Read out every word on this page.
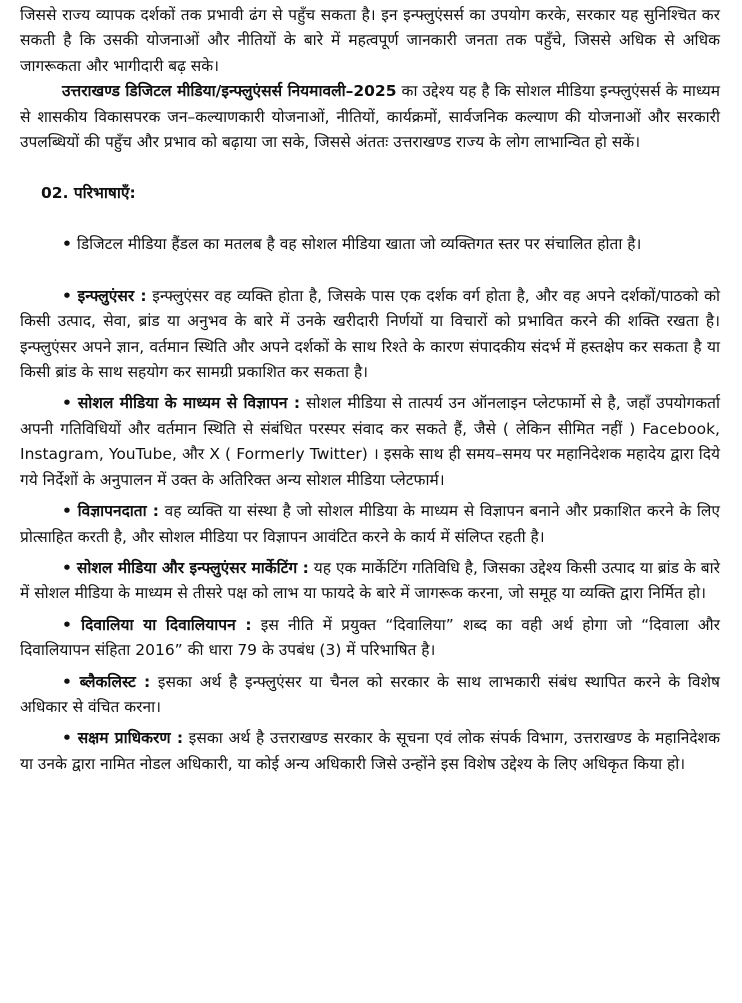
जिससे राज्य व्यापक दर्शकों तक प्रभावी ढंग से पहुँच सकता है। इन इन्फ्लुएंसर्स का उपयोग करके, सरकार यह सुनिश्चित कर सकती है कि उसकी योजनाओं और नीतियों के बारे में महत्वपूर्ण जानकारी जनता तक पहुँचे, जिससे अधिक से अधिक जागरूकता और भागीदारी बढ़ सके।

उत्तराखण्ड डिजिटल मीडिया/इन्फ्लुएंसर्स नियमावली–2025 का उद्देश्य यह है कि सोशल मीडिया इन्फ्लुएंसर्स के माध्यम से शासकीय विकासपरक जन–कल्याणकारी योजनाओं, नीतियों, कार्यक्रमों, सार्वजनिक कल्याण की योजनाओं और सरकारी उपलब्धियों की पहुँच और प्रभाव को बढ़ाया जा सके, जिससे अंततः उत्तराखण्ड राज्य के लोग लाभान्वित हो सकें।

02. परिभाषाएँ:

• डिजिटल मीडिया हैंडल का मतलब है वह सोशल मीडिया खाता जो व्यक्तिगत स्तर पर संचालित होता है।

• इन्फ्लुएंसर : इन्फ्लुएंसर वह व्यक्ति होता है, जिसके पास एक दर्शक वर्ग होता है, और वह अपने दर्शकों/पाठको को किसी उत्पाद, सेवा, ब्रांड या अनुभव के बारे में उनके खरीदारी निर्णयों या विचारों को प्रभावित करने की शक्ति रखता है। इन्फ्लुएंसर अपने ज्ञान, वर्तमान स्थिति और अपने दर्शकों के साथ रिश्ते के कारण संपादकीय संदर्भ में हस्तक्षेप कर सकता है या किसी ब्रांड के साथ सहयोग कर सामग्री प्रकाशित कर सकता है।

• सोशल मीडिया के माध्यम से विज्ञापन : सोशल मीडिया से तात्पर्य उन ऑनलाइन प्लेटफार्मो से है, जहाँ उपयोगकर्ता अपनी गतिविधियों और वर्तमान स्थिति से संबंधित परस्पर संवाद कर सकते हैं, जैसे ( लेकिन सीमित नहीं ) Facebook, Instagram, YouTube, और X ( Formerly Twitter) । इसके साथ ही समय–समय पर महानिदेशक महादेय द्वारा दिये गये निर्देशों के अनुपालन में उक्त के अतिरिक्त अन्य सोशल मीडिया प्लेटफार्म।

• विज्ञापनदाता : वह व्यक्ति या संस्था है जो सोशल मीडिया के माध्यम से विज्ञापन बनाने और प्रकाशित करने के लिए प्रोत्साहित करती है, और सोशल मीडिया पर विज्ञापन आवंटित करने के कार्य में संलिप्त रहती है।

• सोशल मीडिया और इन्फ्लुएंसर मार्केटिंग : यह एक मार्केटिंग गतिविधि है, जिसका उद्देश्य किसी उत्पाद या ब्रांड के बारे में सोशल मीडिया के माध्यम से तीसरे पक्ष को लाभ या फायदे के बारे में जागरूक करना, जो समूह या व्यक्ति द्वारा निर्मित हो।

• दिवालिया या दिवालियापन : इस नीति में प्रयुक्त “दिवालिया” शब्द का वही अर्थ होगा जो “दिवाला और दिवालियापन संहिता 2016” की धारा 79 के उपबंध (3) में परिभाषित है।

• ब्लैकलिस्ट : इसका अर्थ है इन्फ्लुएंसर या चैनल को सरकार के साथ लाभकारी संबंध स्थापित करने के विशेष अधिकार से वंचित करना।

• सक्षम प्राधिकरण : इसका अर्थ है उत्तराखण्ड सरकार के सूचना एवं लोक संपर्क विभाग, उत्तराखण्ड के महानिदेशक या उनके द्वारा नामित नोडल अधिकारी, या कोई अन्य अधिकारी जिसे उन्होंने इस विशेष उद्देश्य के लिए अधिकृत किया हो।
